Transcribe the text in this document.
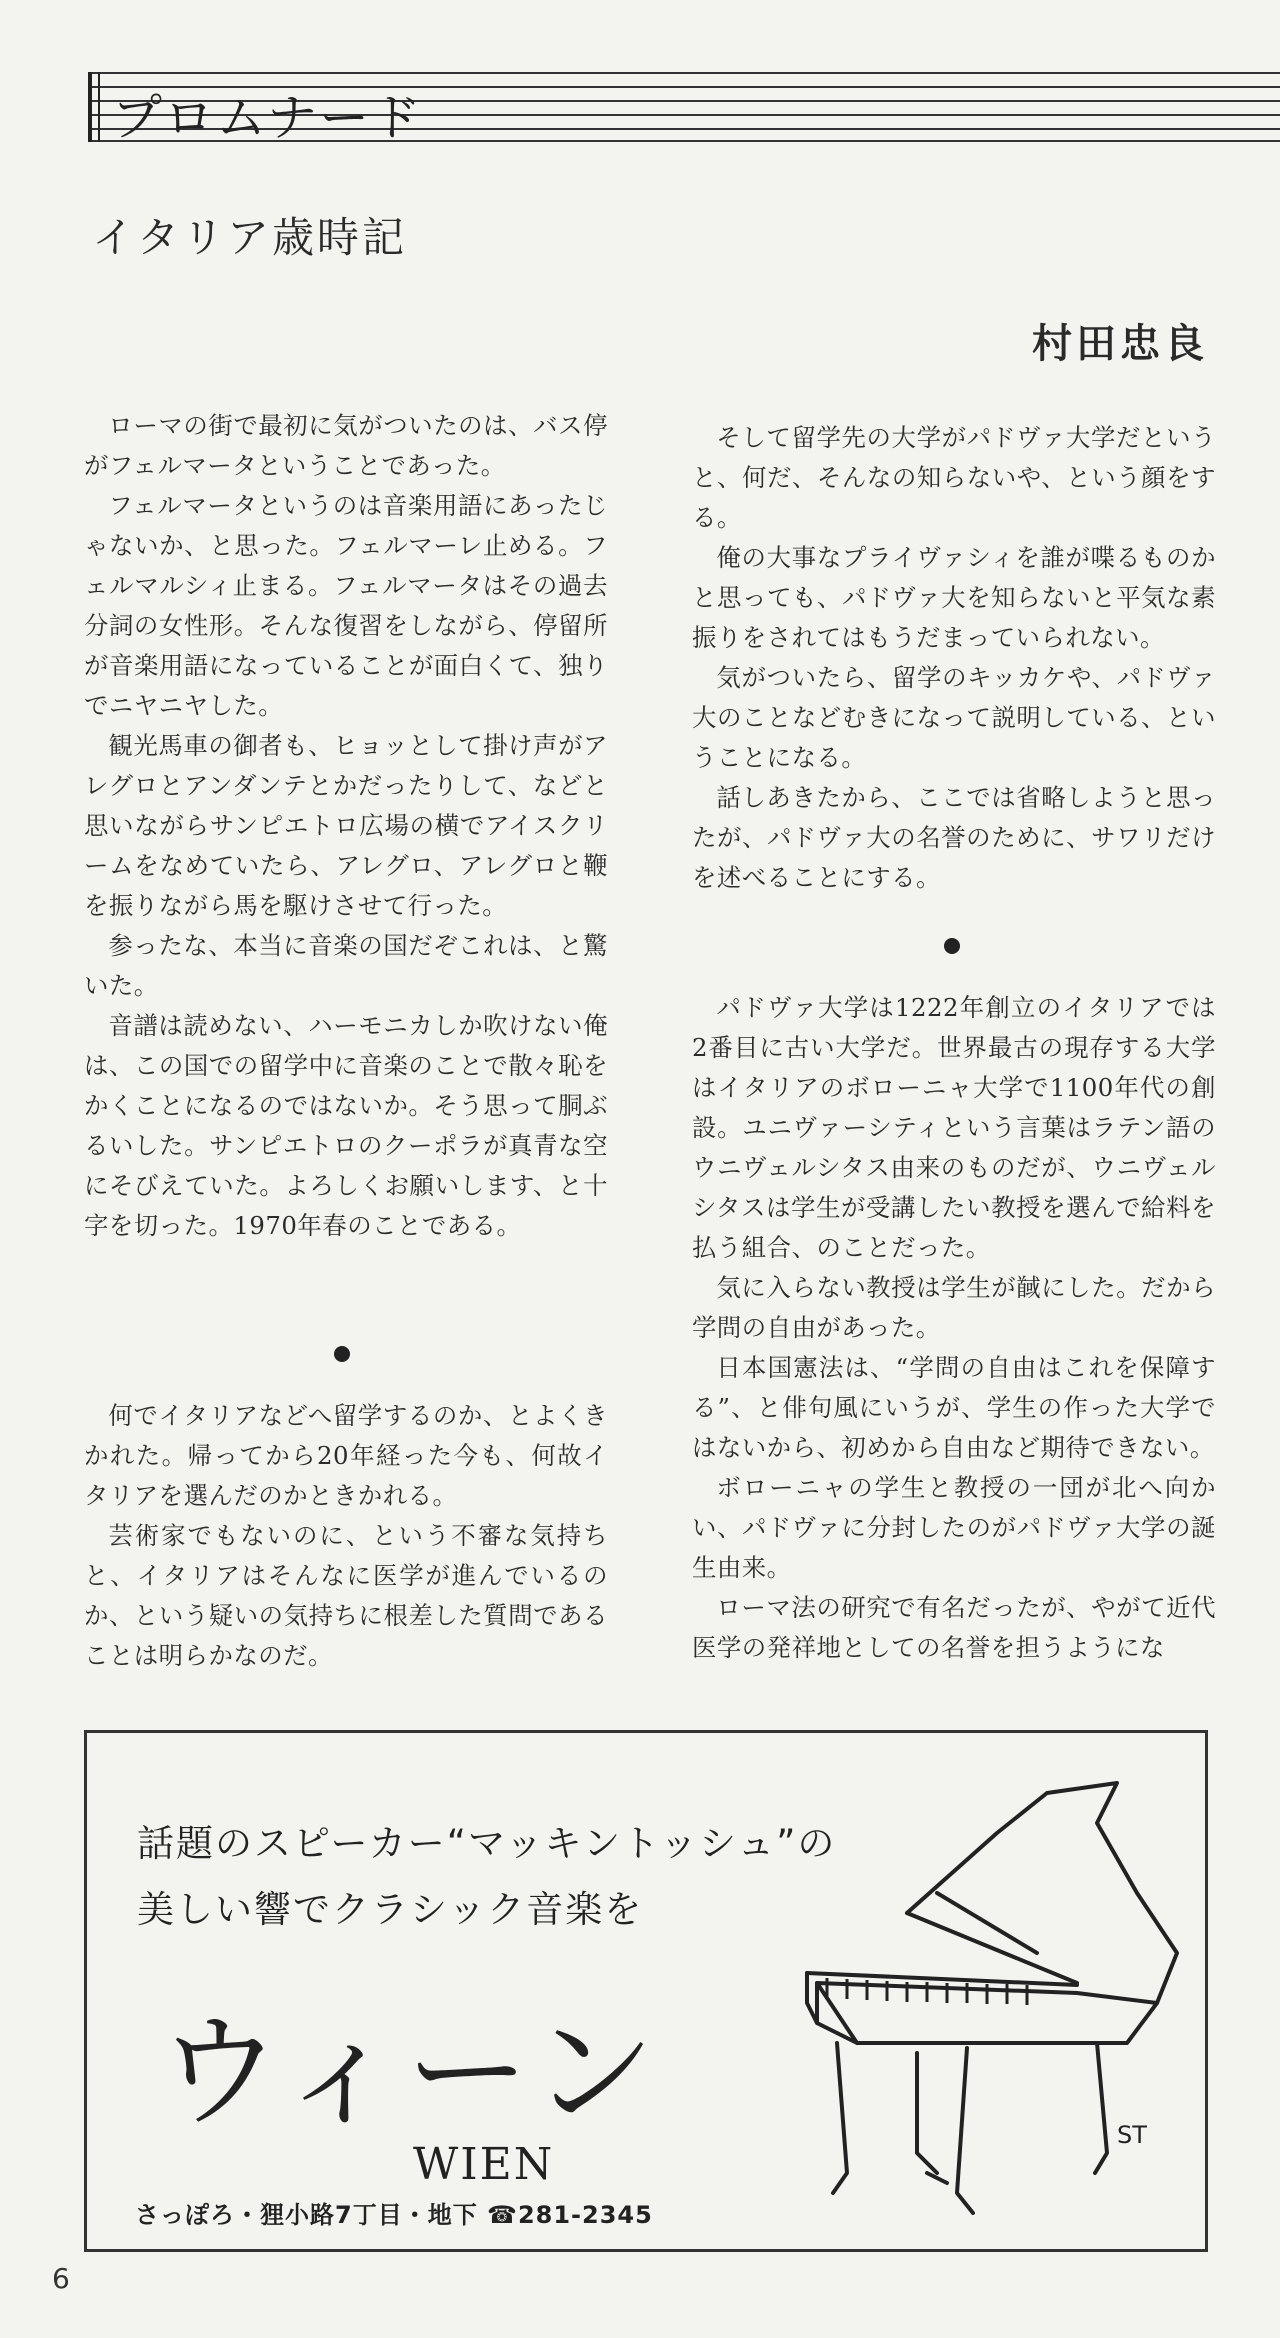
プロムナード
イタリア歳時記
村田忠良

ローマの街で最初に気がついたのは、バス停がフェルマータということであった。

フェルマータというのは音楽用語にあったじゃないか、と思った。フェルマーレ止める。フェルマルシィ止まる。フェルマータはその過去分詞の女性形。そんな復習をしながら、停留所が音楽用語になっていることが面白くて、独りでニヤニヤした。

観光馬車の御者も、ヒョッとして掛け声がアレグロとアンダンテとかだったりして、などと思いながらサンピエトロ広場の横でアイスクリームをなめていたら、アレグロ、アレグロと鞭を振りながら馬を駆けさせて行った。

参ったな、本当に音楽の国だぞこれは、と驚いた。

音譜は読めない、ハーモニカしか吹けない俺は、この国での留学中に音楽のことで散々恥をかくことになるのではないか。そう思って胴ぶるいした。サンピエトロのクーポラが真青な空にそびえていた。よろしくお願いします、と十字を切った。1970年春のことである。

何でイタリアなどへ留学するのか、とよくきかれた。帰ってから20年経った今も、何故イタリアを選んだのかときかれる。

芸術家でもないのに、という不審な気持ちと、イタリアはそんなに医学が進んでいるのか、という疑いの気持ちに根差した質問であることは明らかなのだ。

そして留学先の大学がパドヴァ大学だというと、何だ、そんなの知らないや、という顔をする。

俺の大事なプライヴァシィを誰が喋るものかと思っても、パドヴァ大を知らないと平気な素振りをされてはもうだまっていられない。

気がついたら、留学のキッカケや、パドヴァ大のことなどむきになって説明している、ということになる。

話しあきたから、ここでは省略しようと思ったが、パドヴァ大の名誉のために、サワリだけを述べることにする。

パドヴァ大学は1222年創立のイタリアでは2番目に古い大学だ。世界最古の現存する大学はイタリアのボローニャ大学で1100年代の創設。ユニヴァーシティという言葉はラテン語のウニヴェルシタス由来のものだが、ウニヴェルシタスは学生が受講したい教授を選んで給料を払う組合、のことだった。

気に入らない教授は学生が馘にした。だから学問の自由があった。

日本国憲法は、“学問の自由はこれを保障する”、と俳句風にいうが、学生の作った大学ではないから、初めから自由など期待できない。

ボローニャの学生と教授の一団が北へ向かい、パドヴァに分封したのがパドヴァ大学の誕生由来。

ローマ法の研究で有名だったが、やがて近代医学の発祥地としての名誉を担うようにな

話題のスピーカー“マッキントッシュ”の
美しい響でクラシック音楽を
ウィーン
WIEN
さっぽろ・狸小路7丁目・地下 ☎281-2345
ST
6
